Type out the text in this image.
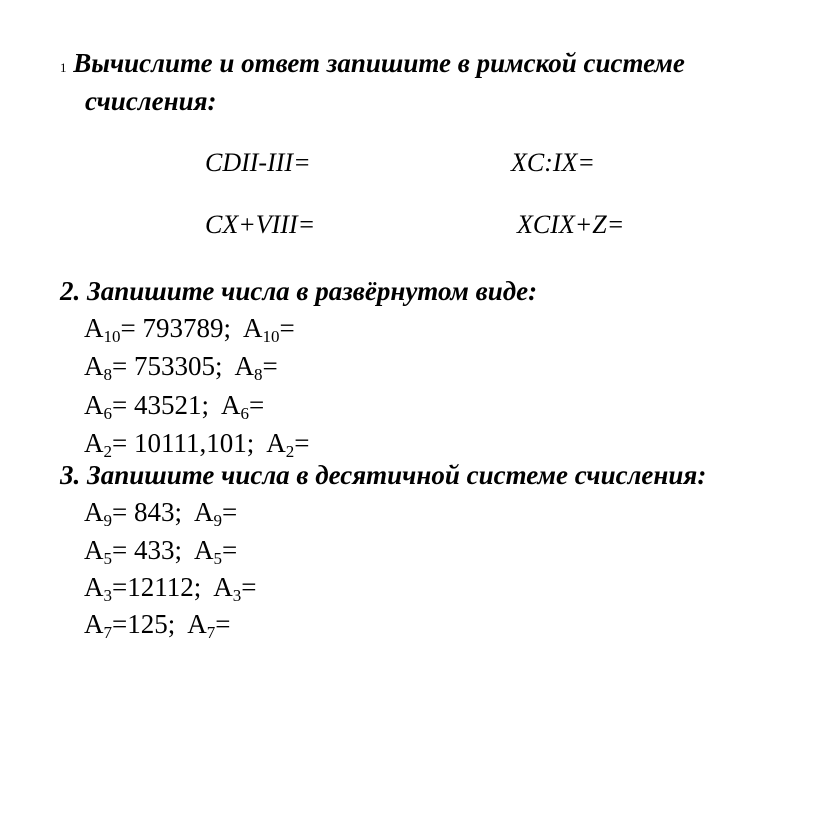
1 Вычислите и ответ запишите в римской системе
счисления:
CDII-III=	XC:IX=
CX+VIII=	XCIX+Z=
2. Запишите числа в развёрнутом виде:
$A_{10}= 793789$; $A_{10}=$
$A_8= 753305$; $A_8=$
$A_6= 43521$; $A_6=$
$A_2= 10111,101$; $A_2=$
3. Запишите числа в десятичной системе счисления:
$A_9= 843$; $A_9=$
$A_5= 433$; $A_5=$
$A_3=12112$; $A_3=$
$A_7=125$; $A_7=$
